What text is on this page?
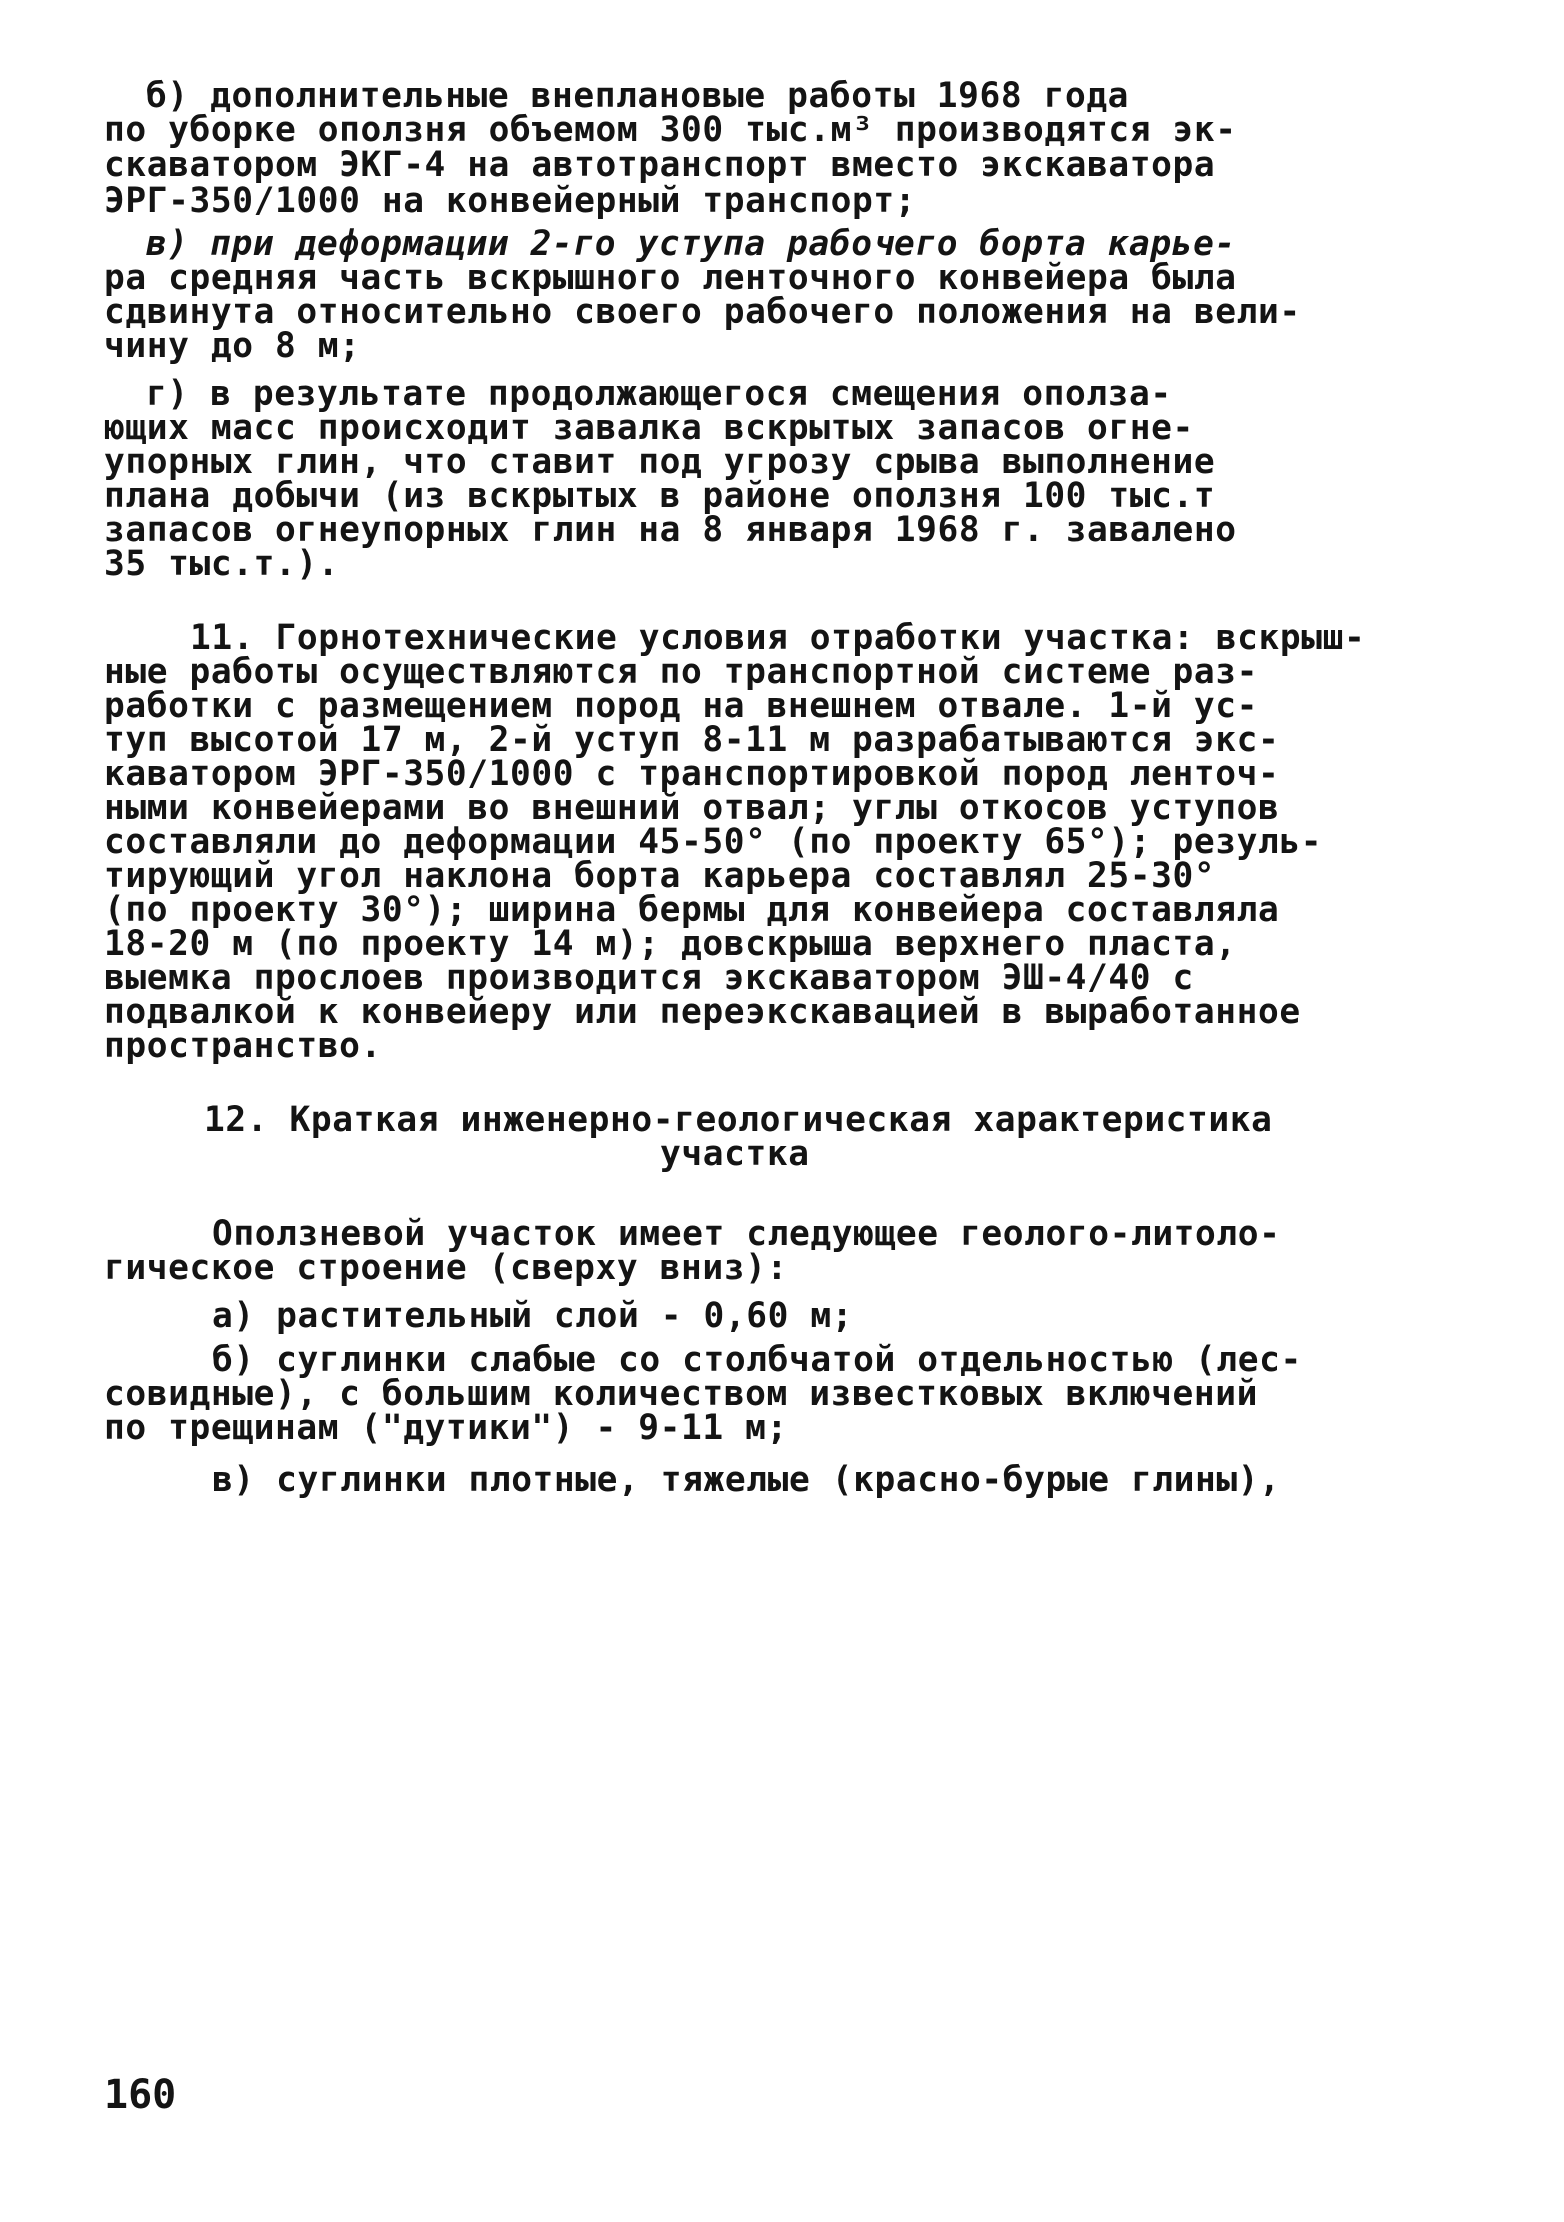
б) дополнительные внеплановые работы 1968 года

по уборке оползня объемом 300 тыс.м³ производятся эк-

скаватором ЭКГ-4 на автотранспорт вместо экскаватора

ЭРГ-350/1000 на конвейерный транспорт;

в) при деформации 2-го уступа рабочего борта карье-

ра средняя часть вскрышного ленточного конвейера была

сдвинута относительно своего рабочего положения на вели-

чину до 8 м;

г) в результате продолжающегося смещения ополза-

ющих масс происходит завалка вскрытых запасов огне-

упорных глин, что ставит под угрозу срыва выполнение

плана добычи (из вскрытых в районе оползня 100 тыс.т

запасов огнеупорных глин на 8 января 1968 г. завалено

35 тыс.т.).

11. Горнотехнические условия отработки участка: вскрыш-

ные работы осуществляются по транспортной системе раз-

работки с размещением пород на внешнем отвале. 1-й ус-

туп высотой 17 м, 2-й уступ 8-11 м разрабатываются экс-

каватором ЭРГ-350/1000 с транспортировкой пород ленточ-

ными конвейерами во внешний отвал; углы откосов уступов

составляли до деформации 45-50° (по проекту 65°); резуль-

тирующий угол наклона борта карьера составлял 25-30°

(по проекту 30°); ширина бермы для конвейера составляла

18-20 м (по проекту 14 м); довскрыша верхнего пласта,

выемка прослоев производится экскаватором ЭШ-4/40 с

подвалкой к конвейеру или переэкскавацией в выработанное

пространство.

12. Краткая инженерно-геологическая характеристика

участка

Оползневой участок имеет следующее геолого-литоло-

гическое строение (сверху вниз):

а) растительный слой - 0,60 м;

б) суглинки слабые со столбчатой отдельностью (лес-

совидные), с большим количеством известковых включений

по трещинам ("дутики") - 9-11 м;

в) суглинки плотные, тяжелые (красно-бурые глины),

160
